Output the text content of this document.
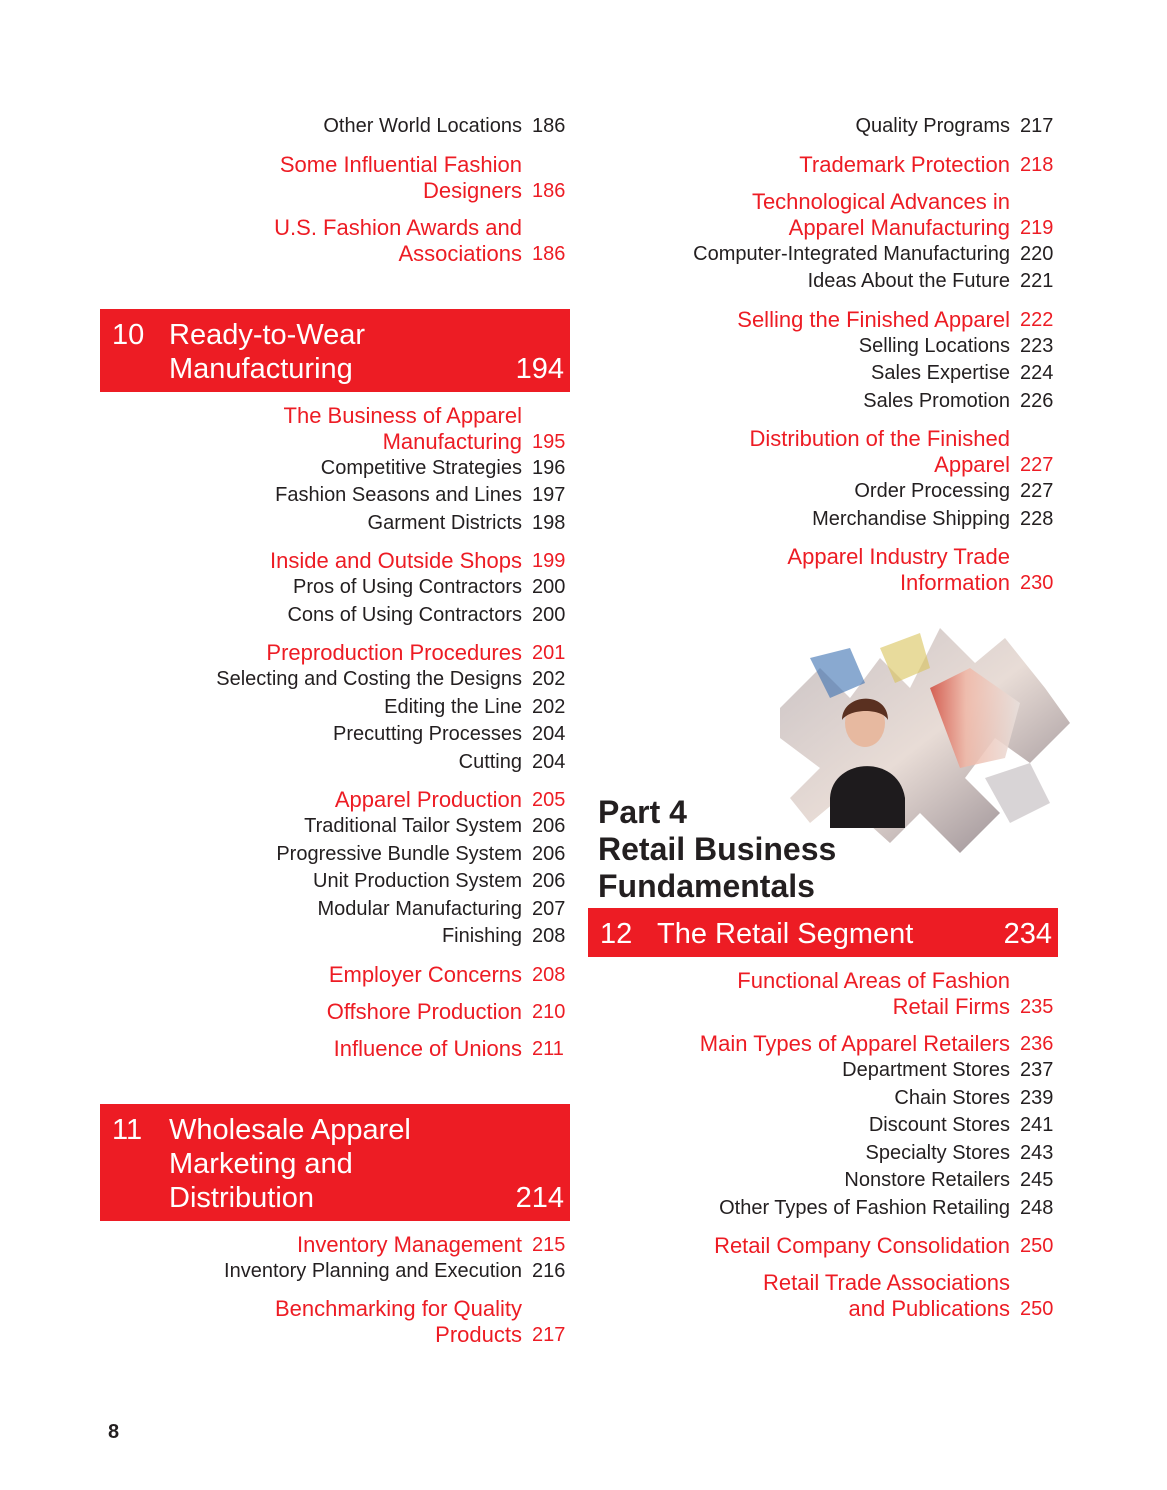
Other World Locations 186
Some Influential Fashion
Designers 186
U.S. Fashion Awards and
Associations 186
10 Ready-to-Wear
Manufacturing	194
The Business of Apparel
Manufacturing 195
Competitive Strategies 196
Fashion Seasons and Lines 197
Garment Districts 198
Inside and Outside Shops 199
Pros of Using Contractors 200
Cons of Using Contractors 200
Preproduction Procedures 201
Selecting and Costing the Designs 202
Editing the Line 202
Precutting Processes 204
Cutting 204
Apparel Production 205
Traditional Tailor System 206
Progressive Bundle System 206
Unit Production System 206
Modular Manufacturing 207
Finishing 208
Employer Concerns 208
Offshore Production 210
Influence of Unions 211
11 Wholesale Apparel
Marketing and
Distribution	214
Inventory Management 215
Inventory Planning and Execution 216
Benchmarking for Quality
Products 217
Quality Programs 217
Trademark Protection 218
Technological Advances in
Apparel Manufacturing 219
Computer-Integrated Manufacturing 220
Ideas About the Future 221
Selling the Finished Apparel 222
Selling Locations 223
Sales Expertise 224
Sales Promotion 226
Distribution of the Finished
Apparel 227
Order Processing 227
Merchandise Shipping 228
Apparel Industry Trade
Information 230
Part 4
Retail Business
Fundamentals
12 The Retail Segment	234
Functional Areas of Fashion
Retail Firms 235
Main Types of Apparel Retailers 236
Department Stores 237
Chain Stores 239
Discount Stores 241
Specialty Stores 243
Nonstore Retailers 245
Other Types of Fashion Retailing 248
Retail Company Consolidation 250
Retail Trade Associations
and Publications 250
8
